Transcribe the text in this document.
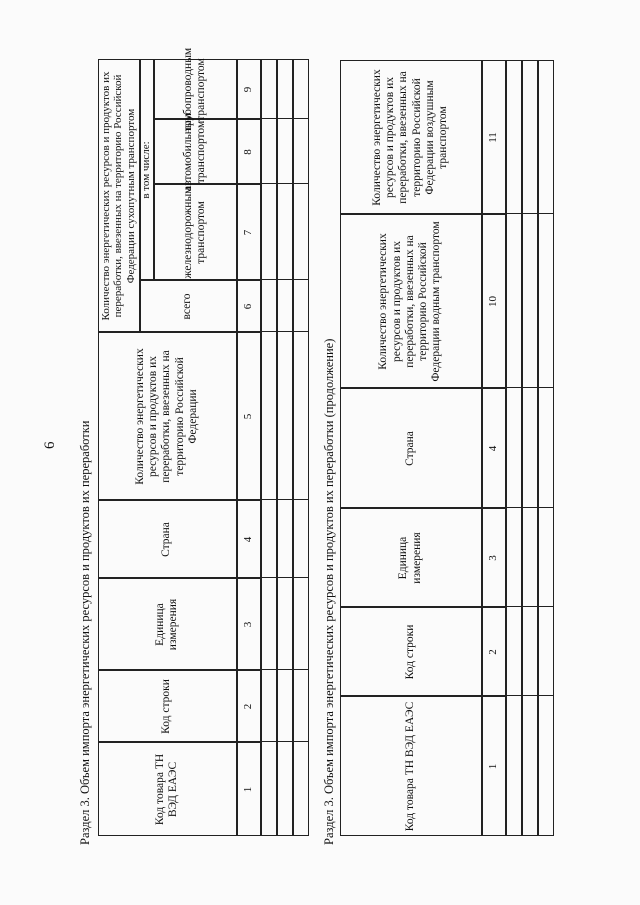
6 Раздел 3. Объем импорта энергетических ресурсов и продуктов их переработки	Код товара ТН ВЭД ЕАЭС
Код строки
Единица измерения
Страна
Количество энергетических ресурсов и продуктов их переработки, ввезенных на территорию Российской Федерации
Количество энергетических ресурсов и продуктов их переработки, ввезенных на территорию Российской Федерации сухопутным транспортом
всего
в том числе:
железнодорожным транспортом
автомобильным транспортом
трубопроводным транспортом
1
2
3
4
5
6
7
8
9
Раздел 3. Объем импорта энергетических ресурсов и продуктов их переработки (продолжение)	Код товара ТН ВЭД ЕАЭС
Код строки
Единица измерения
Страна
Количество энергетических ресурсов и продуктов их переработки, ввезенных на территорию Российской Федерации водным транспортом
Количество энергетических ресурсов и продуктов их переработки, ввезенных на территорию Российской Федерации воздушным транспортом
1
2
3
4
10
11
